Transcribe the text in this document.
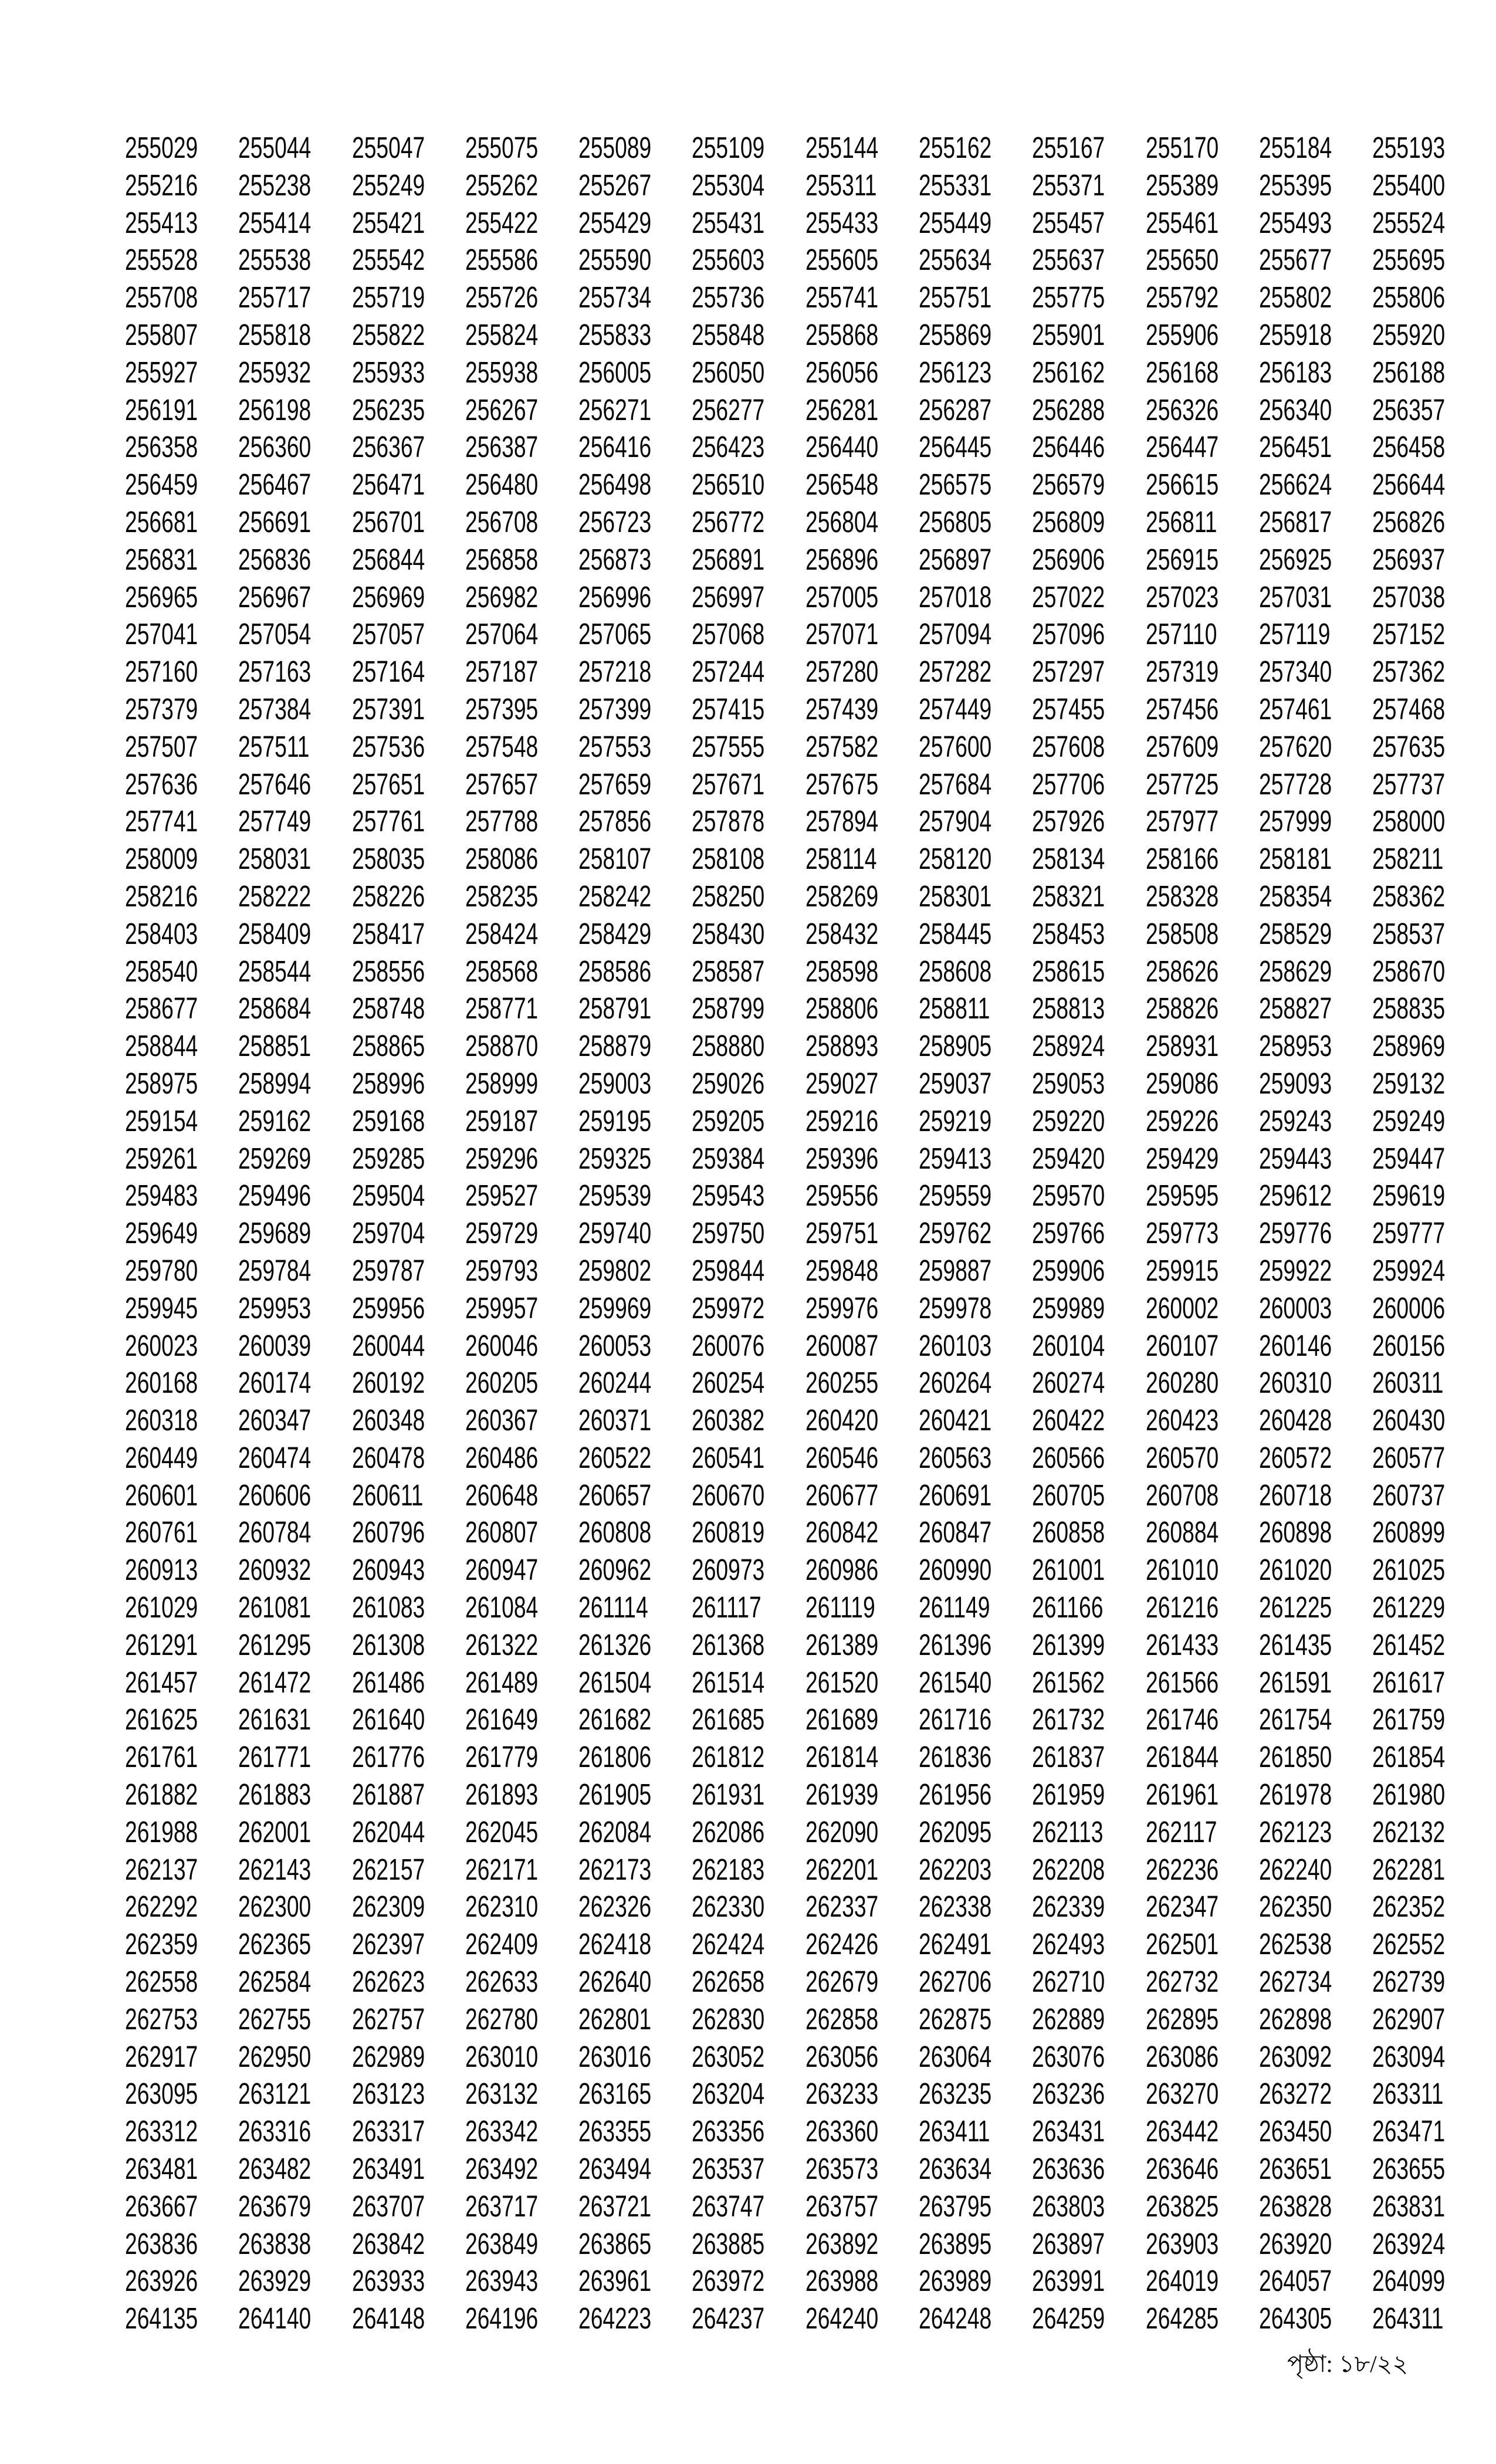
255029	255044	255047	255075	255089	255109	255144	255162	255167	255170	255184	255193
255216	255238	255249	255262	255267	255304	255311	255331	255371	255389	255395	255400
255413	255414	255421	255422	255429	255431	255433	255449	255457	255461	255493	255524
255528	255538	255542	255586	255590	255603	255605	255634	255637	255650	255677	255695
255708	255717	255719	255726	255734	255736	255741	255751	255775	255792	255802	255806
255807	255818	255822	255824	255833	255848	255868	255869	255901	255906	255918	255920
255927	255932	255933	255938	256005	256050	256056	256123	256162	256168	256183	256188
256191	256198	256235	256267	256271	256277	256281	256287	256288	256326	256340	256357
256358	256360	256367	256387	256416	256423	256440	256445	256446	256447	256451	256458
256459	256467	256471	256480	256498	256510	256548	256575	256579	256615	256624	256644
256681	256691	256701	256708	256723	256772	256804	256805	256809	256811	256817	256826
256831	256836	256844	256858	256873	256891	256896	256897	256906	256915	256925	256937
256965	256967	256969	256982	256996	256997	257005	257018	257022	257023	257031	257038
257041	257054	257057	257064	257065	257068	257071	257094	257096	257110	257119	257152
257160	257163	257164	257187	257218	257244	257280	257282	257297	257319	257340	257362
257379	257384	257391	257395	257399	257415	257439	257449	257455	257456	257461	257468
257507	257511	257536	257548	257553	257555	257582	257600	257608	257609	257620	257635
257636	257646	257651	257657	257659	257671	257675	257684	257706	257725	257728	257737
257741	257749	257761	257788	257856	257878	257894	257904	257926	257977	257999	258000
258009	258031	258035	258086	258107	258108	258114	258120	258134	258166	258181	258211
258216	258222	258226	258235	258242	258250	258269	258301	258321	258328	258354	258362
258403	258409	258417	258424	258429	258430	258432	258445	258453	258508	258529	258537
258540	258544	258556	258568	258586	258587	258598	258608	258615	258626	258629	258670
258677	258684	258748	258771	258791	258799	258806	258811	258813	258826	258827	258835
258844	258851	258865	258870	258879	258880	258893	258905	258924	258931	258953	258969
258975	258994	258996	258999	259003	259026	259027	259037	259053	259086	259093	259132
259154	259162	259168	259187	259195	259205	259216	259219	259220	259226	259243	259249
259261	259269	259285	259296	259325	259384	259396	259413	259420	259429	259443	259447
259483	259496	259504	259527	259539	259543	259556	259559	259570	259595	259612	259619
259649	259689	259704	259729	259740	259750	259751	259762	259766	259773	259776	259777
259780	259784	259787	259793	259802	259844	259848	259887	259906	259915	259922	259924
259945	259953	259956	259957	259969	259972	259976	259978	259989	260002	260003	260006
260023	260039	260044	260046	260053	260076	260087	260103	260104	260107	260146	260156
260168	260174	260192	260205	260244	260254	260255	260264	260274	260280	260310	260311
260318	260347	260348	260367	260371	260382	260420	260421	260422	260423	260428	260430
260449	260474	260478	260486	260522	260541	260546	260563	260566	260570	260572	260577
260601	260606	260611	260648	260657	260670	260677	260691	260705	260708	260718	260737
260761	260784	260796	260807	260808	260819	260842	260847	260858	260884	260898	260899
260913	260932	260943	260947	260962	260973	260986	260990	261001	261010	261020	261025
261029	261081	261083	261084	261114	261117	261119	261149	261166	261216	261225	261229
261291	261295	261308	261322	261326	261368	261389	261396	261399	261433	261435	261452
261457	261472	261486	261489	261504	261514	261520	261540	261562	261566	261591	261617
261625	261631	261640	261649	261682	261685	261689	261716	261732	261746	261754	261759
261761	261771	261776	261779	261806	261812	261814	261836	261837	261844	261850	261854
261882	261883	261887	261893	261905	261931	261939	261956	261959	261961	261978	261980
261988	262001	262044	262045	262084	262086	262090	262095	262113	262117	262123	262132
262137	262143	262157	262171	262173	262183	262201	262203	262208	262236	262240	262281
262292	262300	262309	262310	262326	262330	262337	262338	262339	262347	262350	262352
262359	262365	262397	262409	262418	262424	262426	262491	262493	262501	262538	262552
262558	262584	262623	262633	262640	262658	262679	262706	262710	262732	262734	262739
262753	262755	262757	262780	262801	262830	262858	262875	262889	262895	262898	262907
262917	262950	262989	263010	263016	263052	263056	263064	263076	263086	263092	263094
263095	263121	263123	263132	263165	263204	263233	263235	263236	263270	263272	263311
263312	263316	263317	263342	263355	263356	263360	263411	263431	263442	263450	263471
263481	263482	263491	263492	263494	263537	263573	263634	263636	263646	263651	263655
263667	263679	263707	263717	263721	263747	263757	263795	263803	263825	263828	263831
263836	263838	263842	263849	263865	263885	263892	263895	263897	263903	263920	263924
263926	263929	263933	263943	263961	263972	263988	263989	263991	264019	264057	264099
264135	264140	264148	264196	264223	264237	264240	264248	264259	264285	264305	264311
পৃষ্ঠা: ১৮/২২
